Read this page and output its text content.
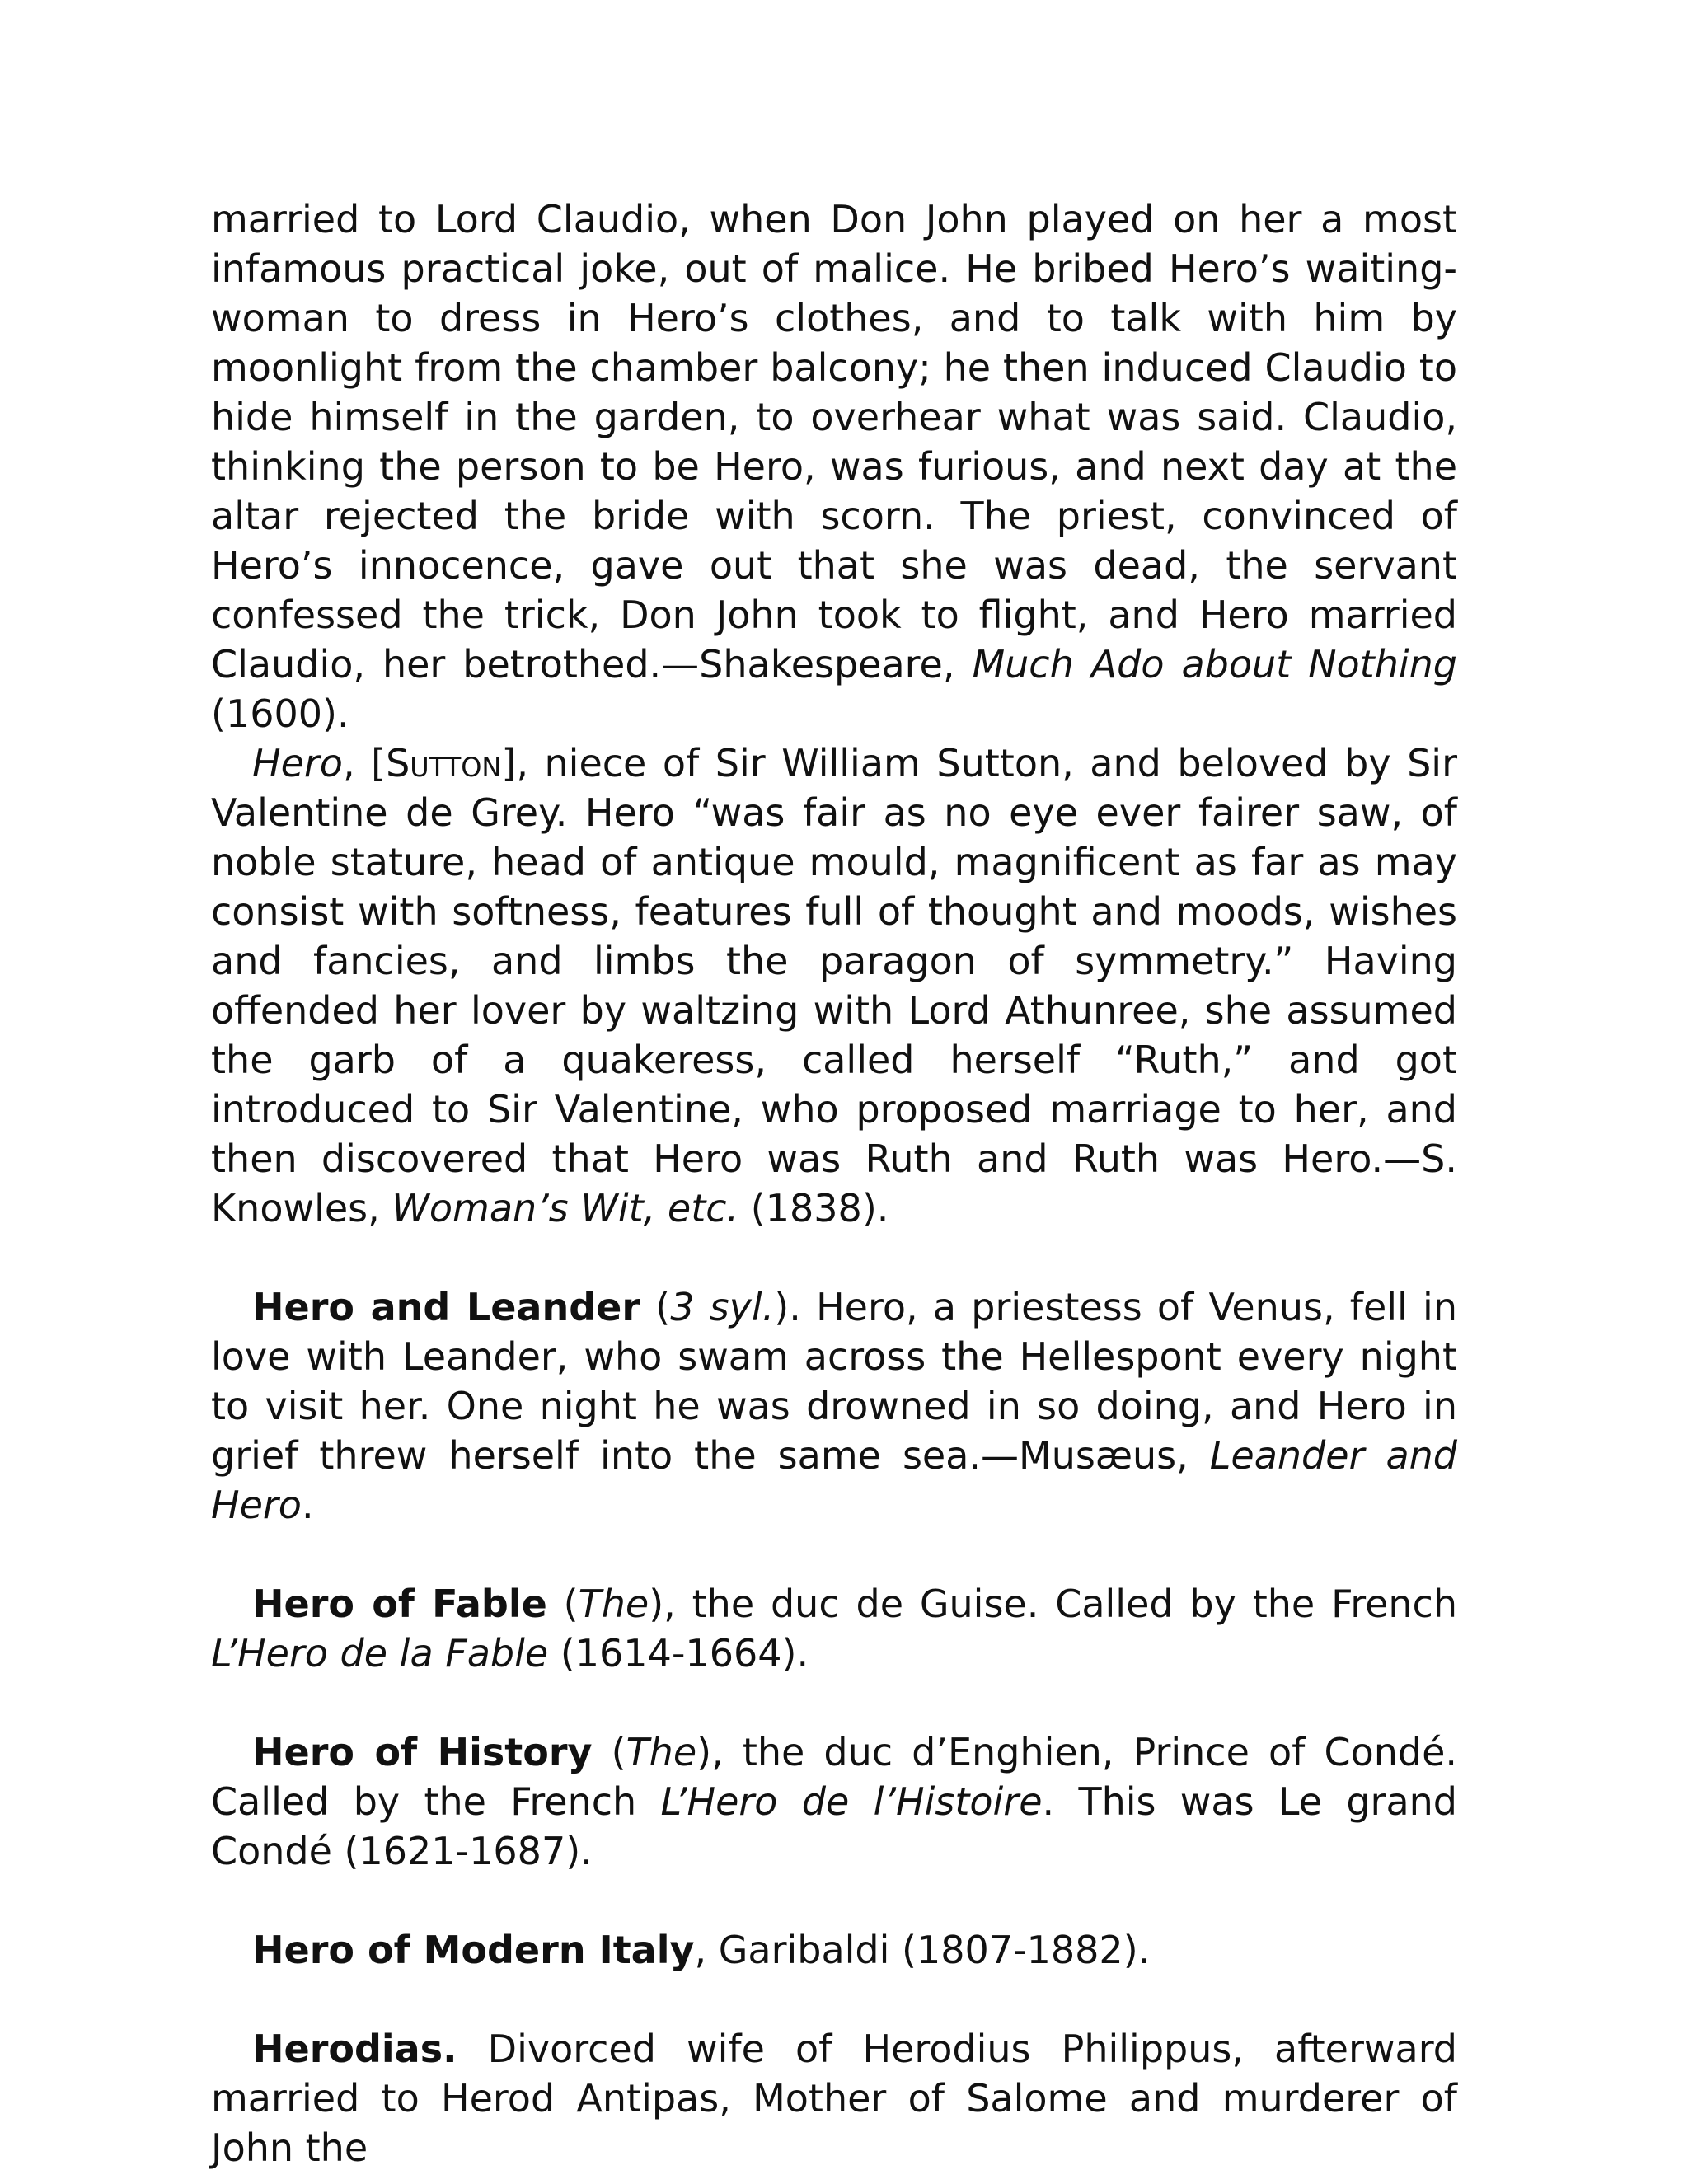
married to Lord Claudio, when Don John played on her a most infamous practical joke, out of malice. He bribed Hero’s waiting-woman to dress in Hero’s clothes, and to talk with him by moonlight from the chamber balcony; he then induced Claudio to hide himself in the garden, to overhear what was said. Claudio, thinking the person to be Hero, was furious, and next day at the altar rejected the bride with scorn. The priest, convinced of Hero’s innocence, gave out that she was dead, the servant confessed the trick, Don John took to flight, and Hero married Claudio, her betrothed.—Shakespeare, Much Ado about Nothing (1600).

Hero, [Sutton], niece of Sir William Sutton, and beloved by Sir Valentine de Grey. Hero “was fair as no eye ever fairer saw, of noble stature, head of antique mould, magnificent as far as may consist with softness, features full of thought and moods, wishes and fancies, and limbs the paragon of symmetry.” Having offended her lover by waltzing with Lord Athunree, she assumed the garb of a quakeress, called herself “Ruth,” and got introduced to Sir Valentine, who proposed marriage to her, and then discovered that Hero was Ruth and Ruth was Hero.—S. Knowles, Woman’s Wit, etc. (1838).

Hero and Leander (3 syl.). Hero, a priestess of Venus, fell in love with Leander, who swam across the Hellespont every night to visit her. One night he was drowned in so doing, and Hero in grief threw herself into the same sea.—Musæus, Leander and Hero.

Hero of Fable (The), the duc de Guise. Called by the French L’Hero de la Fable (1614-1664).

Hero of History (The), the duc d’Enghien, Prince of Condé. Called by the French L’Hero de l’Histoire. This was Le grand Condé (1621-1687).

Hero of Modern Italy, Garibaldi (1807-1882).

Herodias. Divorced wife of Herodius Philippus, afterward married to Herod Antipas, Mother of Salome and murderer of John the
